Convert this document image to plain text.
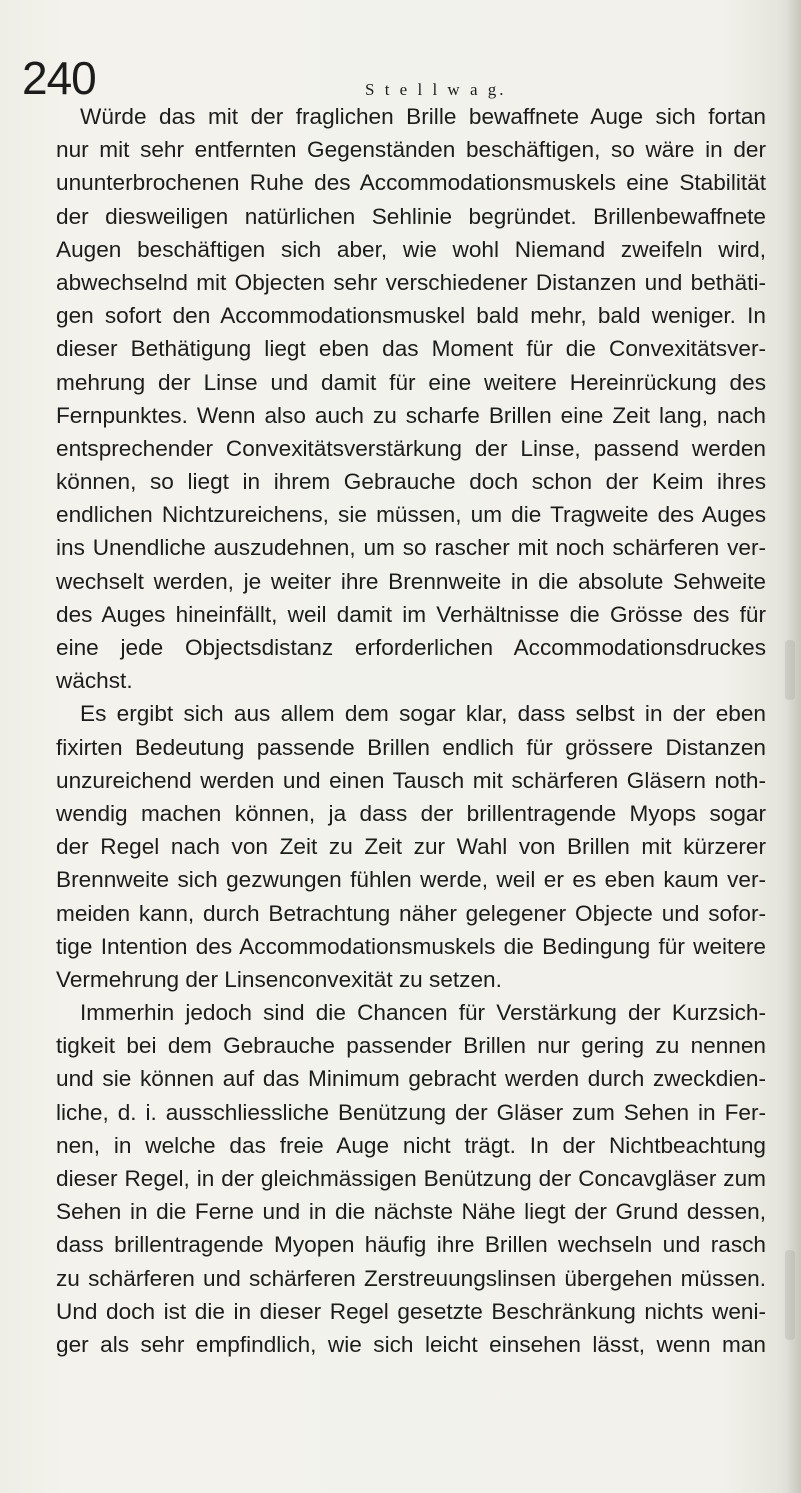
240	S t e l l w a g.
Würde das mit der fraglichen Brille bewaffnete Auge sich fortan
nur mit sehr entfernten Gegenständen beschäftigen, so wäre in der
ununterbrochenen Ruhe des Accommodationsmuskels eine Stabilität
der diesweiligen natürlichen Sehlinie begründet. Brillenbewaffnete
Augen beschäftigen sich aber, wie wohl Niemand zweifeln wird,
abwechselnd mit Objecten sehr verschiedener Distanzen und bethäti-
gen sofort den Accommodationsmuskel bald mehr, bald weniger. In
dieser Bethätigung liegt eben das Moment für die Convexitätsver-
mehrung der Linse und damit für eine weitere Hereinrückung des
Fernpunktes. Wenn also auch zu scharfe Brillen eine Zeit lang, nach
entsprechender Convexitätsverstärkung der Linse, passend werden
können, so liegt in ihrem Gebrauche doch schon der Keim ihres
endlichen Nichtzureichens, sie müssen, um die Tragweite des Auges
ins Unendliche auszudehnen, um so rascher mit noch schärferen ver-
wechselt werden, je weiter ihre Brennweite in die absolute Sehweite
des Auges hineinfällt, weil damit im Verhältnisse die Grösse des für
eine jede Objectsdistanz erforderlichen Accommodationsdruckes
wächst.
Es ergibt sich aus allem dem sogar klar, dass selbst in der eben
fixirten Bedeutung passende Brillen endlich für grössere Distanzen
unzureichend werden und einen Tausch mit schärferen Gläsern noth-
wendig machen können, ja dass der brillentragende Myops sogar
der Regel nach von Zeit zu Zeit zur Wahl von Brillen mit kürzerer
Brennweite sich gezwungen fühlen werde, weil er es eben kaum ver-
meiden kann, durch Betrachtung näher gelegener Objecte und sofor-
tige Intention des Accommodationsmuskels die Bedingung für weitere
Vermehrung der Linsenconvexität zu setzen.
Immerhin jedoch sind die Chancen für Verstärkung der Kurzsich-
tigkeit bei dem Gebrauche passender Brillen nur gering zu nennen
und sie können auf das Minimum gebracht werden durch zweckdien-
liche, d. i. ausschliessliche Benützung der Gläser zum Sehen in Fer-
nen, in welche das freie Auge nicht trägt. In der Nichtbeachtung
dieser Regel, in der gleichmässigen Benützung der Concavgläser zum
Sehen in die Ferne und in die nächste Nähe liegt der Grund dessen,
dass brillentragende Myopen häufig ihre Brillen wechseln und rasch
zu schärferen und schärferen Zerstreuungslinsen übergehen müssen.
Und doch ist die in dieser Regel gesetzte Beschränkung nichts weni-
ger als sehr empfindlich, wie sich leicht einsehen lässt, wenn man
